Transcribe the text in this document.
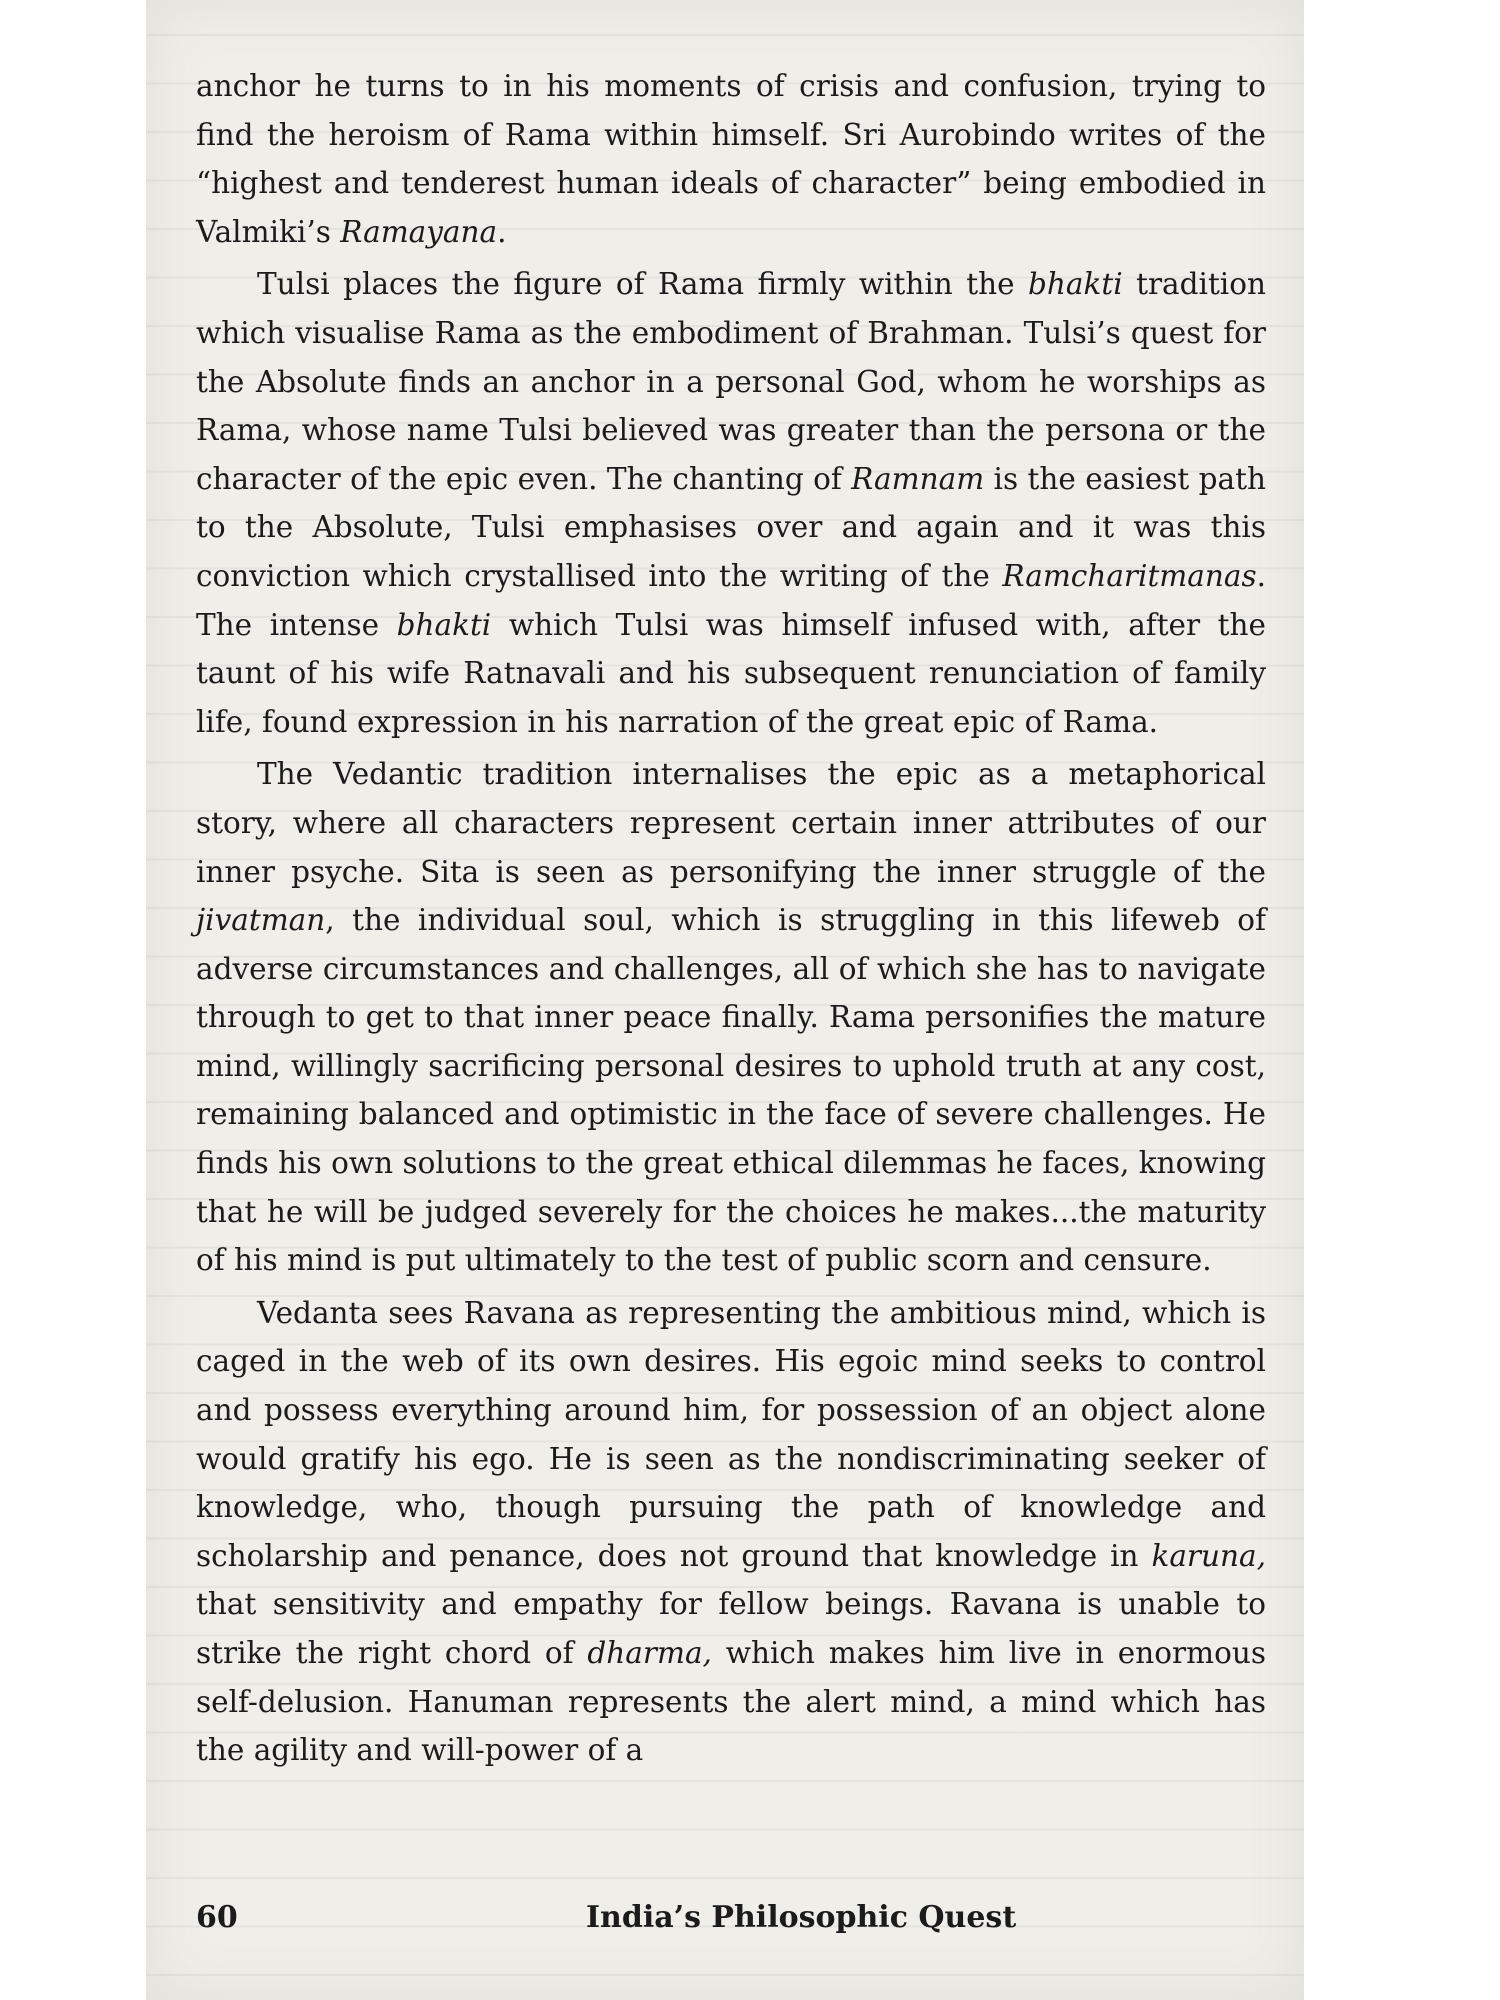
anchor he turns to in his moments of crisis and confusion, trying to find the heroism of Rama within himself. Sri Aurobindo writes of the “highest and tenderest human ideals of character” being embodied in Valmiki’s Ramayana.

Tulsi places the figure of Rama firmly within the bhakti tradition which visualise Rama as the embodiment of Brahman. Tulsi’s quest for the Absolute finds an anchor in a personal God, whom he worships as Rama, whose name Tulsi believed was greater than the persona or the character of the epic even. The chanting of Ramnam is the easiest path to the Absolute, Tulsi emphasises over and again and it was this conviction which crystallised into the writing of the Ramcharitmanas. The intense bhakti which Tulsi was himself infused with, after the taunt of his wife Ratnavali and his subsequent renunciation of family life, found expression in his narration of the great epic of Rama.

The Vedantic tradition internalises the epic as a metaphorical story, where all characters represent certain inner attributes of our inner psyche. Sita is seen as personifying the inner struggle of the jivatman, the individual soul, which is struggling in this lifeweb of adverse circumstances and challenges, all of which she has to navigate through to get to that inner peace finally. Rama personifies the mature mind, willingly sacrificing personal desires to uphold truth at any cost, remaining balanced and optimistic in the face of severe challenges. He finds his own solutions to the great ethical dilemmas he faces, knowing that he will be judged severely for the choices he makes...the maturity of his mind is put ultimately to the test of public scorn and censure.

Vedanta sees Ravana as representing the ambitious mind, which is caged in the web of its own desires. His egoic mind seeks to control and possess everything around him, for possession of an object alone would gratify his ego. He is seen as the nondiscriminating seeker of knowledge, who, though pursuing the path of knowledge and scholarship and penance, does not ground that knowledge in karuna, that sensitivity and empathy for fellow beings. Ravana is unable to strike the right chord of dharma, which makes him live in enormous self-delusion. Hanuman represents the alert mind, a mind which has the agility and will-power of a

60	India’s Philosophic Quest
